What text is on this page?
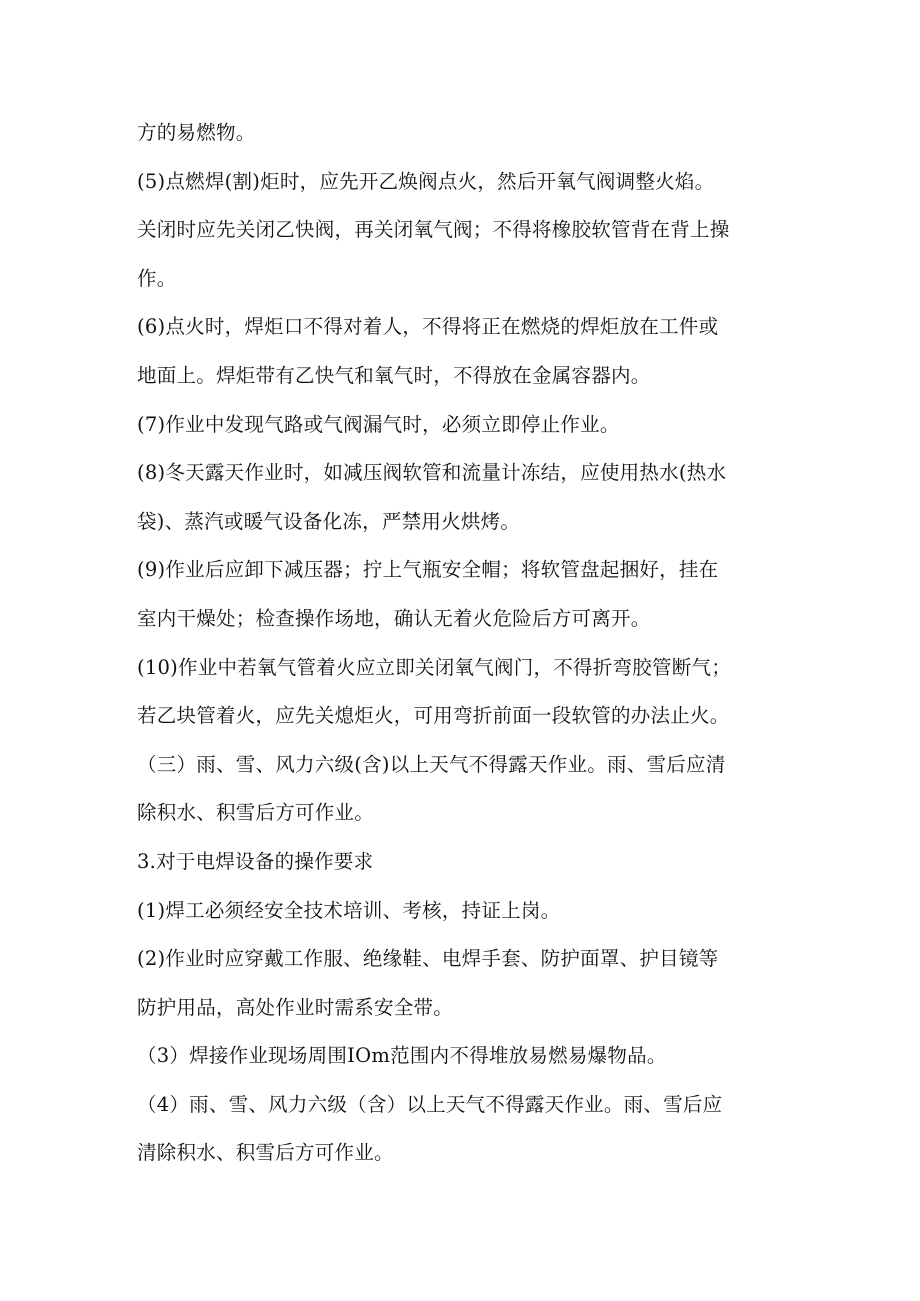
方的易燃物。
(5)点燃焊(割)炬时，应先开乙焕阀点火，然后开氧气阀调整火焰。
关闭时应先关闭乙快阀，再关闭氧气阀；不得将橡胶软管背在背上操
作。
(6)点火时，焊炬口不得对着人，不得将正在燃烧的焊炬放在工件或
地面上。焊炬带有乙快气和氧气时，不得放在金属容器内。
(7)作业中发现气路或气阀漏气时，必须立即停止作业。
(8)冬天露天作业时，如减压阀软管和流量计冻结，应使用热水(热水
袋)、蒸汽或暖气设备化冻，严禁用火烘烤。
(9)作业后应卸下减压器；拧上气瓶安全帽；将软管盘起捆好，挂在
室内干燥处；检查操作场地，确认无着火危险后方可离开。
(10)作业中若氧气管着火应立即关闭氧气阀门，不得折弯胶管断气；
若乙块管着火，应先关熄炬火，可用弯折前面一段软管的办法止火。
（三）雨、雪、风力六级(含)以上天气不得露天作业。雨、雪后应清
除积水、积雪后方可作业。
3.对于电焊设备的操作要求
(1)焊工必须经安全技术培训、考核，持证上岗。
(2)作业时应穿戴工作服、绝缘鞋、电焊手套、防护面罩、护目镜等
防护用品，高处作业时需系安全带。
（3）焊接作业现场周围IOm范围内不得堆放易燃易爆物品。
（4）雨、雪、风力六级（含）以上天气不得露天作业。雨、雪后应
清除积水、积雪后方可作业。
